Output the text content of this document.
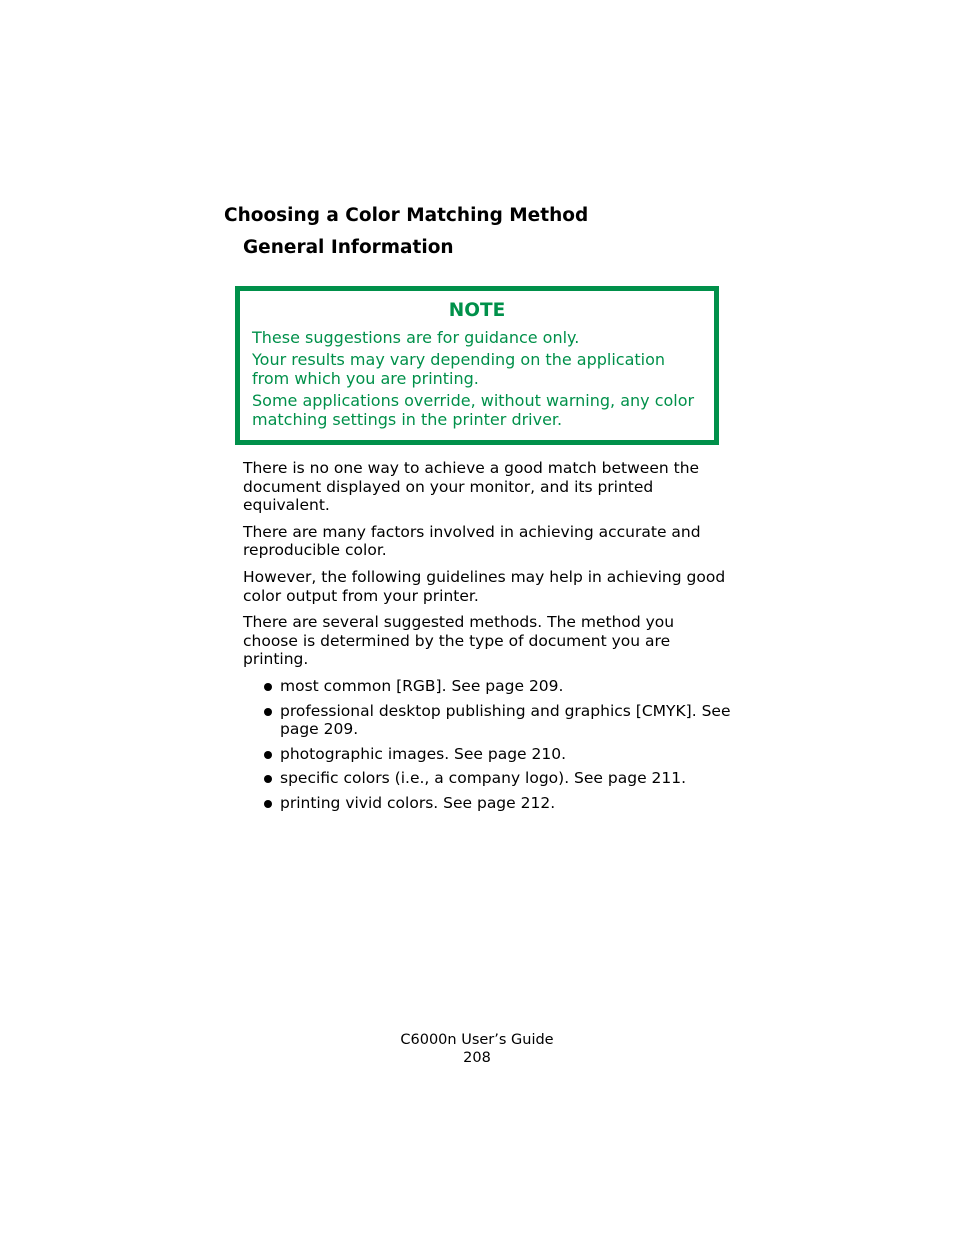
Choosing a Color Matching Method
General Information
NOTE

These suggestions are for guidance only.

Your results may vary depending on the application from which you are printing.

Some applications override, without warning, any color matching settings in the printer driver.

There is no one way to achieve a good match between the document displayed on your monitor, and its printed equivalent.

There are many factors involved in achieving accurate and reproducible color.

However, the following guidelines may help in achieving good color output from your printer.

There are several suggested methods. The method you choose is determined by the type of document you are printing.

most common [RGB]. See page 209.
professional desktop publishing and graphics [CMYK]. See page 209.
photographic images. See page 210.
specific colors (i.e., a company logo). See page 211.
printing vivid colors. See page 212.
C6000n User’s Guide
208
